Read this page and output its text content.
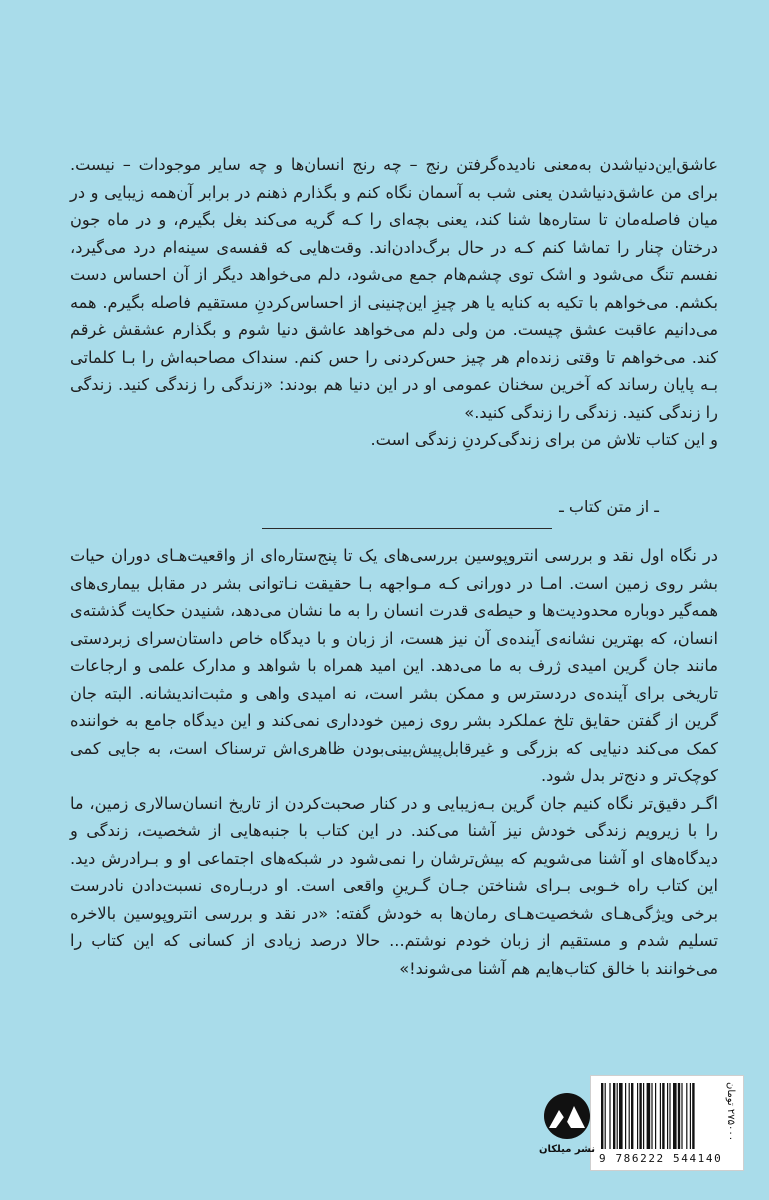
عاشق‌این‌دنیاشدن به‌معنی نادیده‌گرفتن رنج – چه رنج انسان‌ها و چه سایر موجودات – نیست. برای من عاشق‌دنیاشدن یعنی شب به آسمان نگاه کنم و بگذارم ذهنم در برابر آن‌همه زیبایی و در میان فاصله‌مان تا ستاره‌ها شنا کند، یعنی بچه‌ای را کـه گریه می‌کند بغل بگیرم، و در ماه جون درختان چنار را تماشا کنم کـه در حال برگ‌دادن‌اند. وقت‌هایی که قفسه‌ی سینه‌ام درد می‌گیرد، نفسم تنگ می‌شود و اشک توی چشم‌هام جمع می‌شود، دلم می‌خواهد دیگر از آن احساس دست بکشم. می‌خواهم با تکیه به کنایه یا هر چیزِ این‌چنینی از احساس‌کردنِ مستقیم فاصله بگیرم. همه می‌دانیم عاقبت عشق چیست. من ولی دلم می‌خواهد عاشق دنیا شوم و بگذارم عشقش غرقم کند. می‌خواهم تا وقتی زنده‌ام هر چیز حس‌کردنی را حس کنم. سنداک مصاحبه‌اش را بـا کلماتی بـه پایان رساند که آخرین سخنان عمومی او در این دنیا هم بودند: «زندگی را زندگی کنید. زندگی را زندگی کنید. زندگی را زندگی کنید.»

و این کتاب تلاش من برای زندگی‌کردنِ زندگی است.

ـ از متن کتاب ـ

در نگاه اول نقد و بررسی انتروپوسین بررسی‌های یک تا پنج‌ستاره‌ای از واقعیت‌هـای دوران حیات بشر روی زمین است. امـا در دورانی کـه مـواجهه بـا حقیقت نـاتوانی بشر در مقابل بیماری‌های همه‌گیر دوباره محدودیت‌ها و حیطه‌ی قدرت انسان را به ما نشان می‌دهد، شنیدن حکایت گذشته‌ی انسان، که بهترین نشانه‌ی آینده‌ی آن نیز هست، از زبان و با دیدگاه خاص داستان‌سرای زبردستی مانند جان گرین امیدی ژرف به ما می‌دهد. این امید همراه با شواهد و مدارک علمی و ارجاعات تاریخی برای آینده‌ی دردسترس و ممکن بشر است، نه امیدی واهی و مثبت‌اندیشانه. البته جان گرین از گفتن حقایق تلخ عملکرد بشر روی زمین خودداری نمی‌کند و این دیدگاه جامع به خواننده کمک می‌کند دنیایی که بزرگی و غیرقابل‌پیش‌بینی‌بودن ظاهری‌اش ترسناک است، به جایی کمی کوچک‌تر و دنج‌تر بدل شود.

اگـر دقیق‌تر نگاه کنیم جان گرین بـه‌زیبایی و در کنار صحبت‌کردن از تاریخ انسان‌سالاری زمین، ما را با زیرویم زندگی خودش نیز آشنا می‌کند. در این کتاب با جنبه‌هایی از شخصیت، زندگی و دیدگاه‌های او آشنا می‌شویم که بیش‌ترشان را نمی‌شود در شبکه‌های اجتماعی او و بـرادرش دید. این کتاب راه خـوبی بـرای شناختن جـان گـرینِ واقعی است. او دربـاره‌ی نسبت‌دادن نادرست برخی ویژگی‌هـای شخصیت‌هـای رمان‌ها به خودش گفته: «در نقد و بررسی انتروپوسین بالاخره تسلیم شدم و مستقیم از زبان خودم نوشتم... حالا درصد زیادی از کسانی که این کتاب را می‌خوانند با خالق کتاب‌هایم هم آشنا می‌شوند!»

9 786222 544140
۲۷۵۰۰۰ تومان
نشر میلکان
